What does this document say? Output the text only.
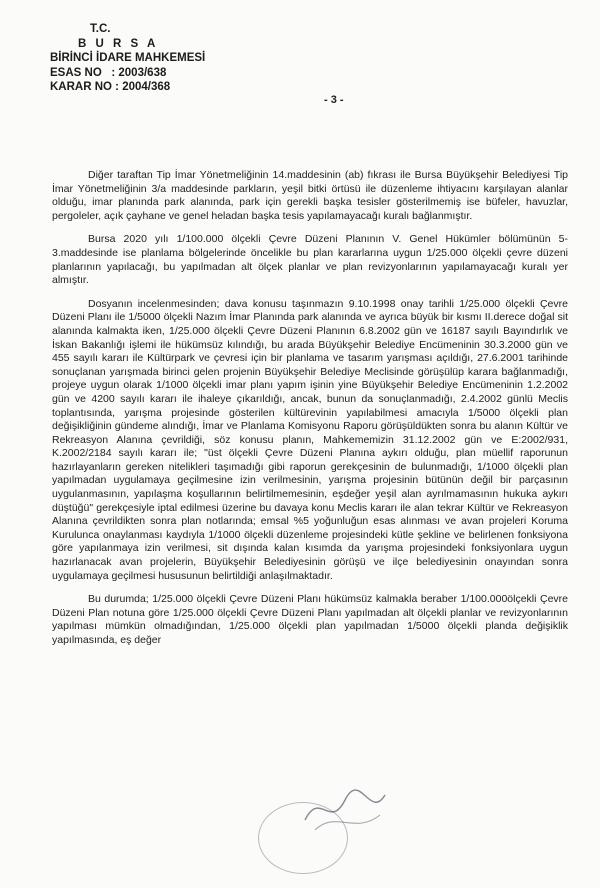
T.C.
B U R S A
BİRİNCİ İDARE MAHKEMESİ
ESAS NO   : 2003/638
KARAR NO : 2004/368
- 3 -

Diğer taraftan Tip İmar Yönetmeliğinin 14.maddesinin (ab) fıkrası ile Bursa Büyükşehir Belediyesi Tip İmar Yönetmeliğinin 3/a maddesinde parkların, yeşil bitki örtüsü ile düzenleme ihtiyacını karşılayan alanlar olduğu, imar planında park alanında, park için gerekli başka tesisler gösterilmemiş ise büfeler, havuzlar, pergoleler, açık çayhane ve genel heladan başka tesis yapılamayacağı kuralı bağlanmıştır.

Bursa 2020 yılı 1/100.000 ölçekli Çevre Düzeni Planının V. Genel Hükümler bölümünün 5-3.maddesinde ise planlama bölgelerinde öncelikle bu plan kararlarına uygun 1/25.000 ölçekli çevre düzeni planlarının yapılacağı, bu yapılmadan alt ölçek planlar ve plan revizyonlarının yapılamayacağı kuralı yer almıştır.

Dosyanın incelenmesinden; dava konusu taşınmazın 9.10.1998 onay tarihli 1/25.000 ölçekli Çevre Düzeni Planı ile 1/5000 ölçekli Nazım İmar Planında park alanında ve ayrıca büyük bir kısmı II.derece doğal sit alanında kalmakta iken, 1/25.000 ölçekli Çevre Düzeni Planının 6.8.2002 gün ve 16187 sayılı Bayındırlık ve İskan Bakanlığı işlemi ile hükümsüz kılındığı, bu arada Büyükşehir Belediye Encümeninin 30.3.2000 gün ve 455 sayılı kararı ile Kültürpark ve çevresi için bir planlama ve tasarım yarışması açıldığı, 27.6.2001 tarihinde sonuçlanan yarışmada birinci gelen projenin Büyükşehir Belediye Meclisinde görüşülüp karara bağlanmadığı, projeye uygun olarak 1/1000 ölçekli imar planı yapım işinin yine Büyükşehir Belediye Encümeninin 1.2.2002 gün ve 4200 sayılı kararı ile ihaleye çıkarıldığı, ancak, bunun da sonuçlanmadığı, 2.4.2002 günlü Meclis toplantısında, yarışma projesinde gösterilen kültürevinin yapılabilmesi amacıyla 1/5000 ölçekli plan değişikliğinin gündeme alındığı, İmar ve Planlama Komisyonu Raporu görüşüldükten sonra bu alanın Kültür ve Rekreasyon Alanına çevrildiği, söz konusu planın, Mahkememizin 31.12.2002 gün ve E:2002/931, K.2002/2184 sayılı kararı ile; "üst ölçekli Çevre Düzeni Planına aykırı olduğu, plan müellif raporunun hazırlayanların gereken nitelikleri taşımadığı gibi raporun gerekçesinin de bulunmadığı, 1/1000 ölçekli plan yapılmadan uygulamaya geçilmesine izin verilmesinin, yarışma projesinin bütünün değil bir parçasının uygulanmasının, yapılaşma koşullarının belirtilmemesinin, eşdeğer yeşil alan ayrılmamasının hukuka aykırı düştüğü" gerekçesiyle iptal edilmesi üzerine bu davaya konu Meclis kararı ile alan tekrar Kültür ve Rekreasyon Alanına çevrildikten sonra plan notlarında; emsal %5 yoğunluğun esas alınması ve avan projeleri Koruma Kurulunca onaylanması kaydıyla 1/1000 ölçekli düzenleme projesindeki kütle şekline ve belirlenen fonksiyona göre yapılanmaya izin verilmesi, sit dışında kalan kısımda da yarışma projesindeki fonksiyonlara uygun hazırlanacak avan projelerin, Büyükşehir Belediyesinin görüşü ve ilçe belediyesinin onayından sonra uygulamaya geçilmesi hususunun belirtildiği anlaşılmaktadır.

Bu durumda; 1/25.000 ölçekli Çevre Düzeni Planı hükümsüz kalmakla beraber 1/100.000ölçekli Çevre Düzeni Plan notuna göre 1/25.000 ölçekli Çevre Düzeni Planı yapılmadan alt ölçekli planlar ve revizyonlarının yapılması mümkün olmadığından, 1/25.000 ölçekli plan yapılmadan 1/5000 ölçekli planda değişiklik yapılmasında, eş değer
